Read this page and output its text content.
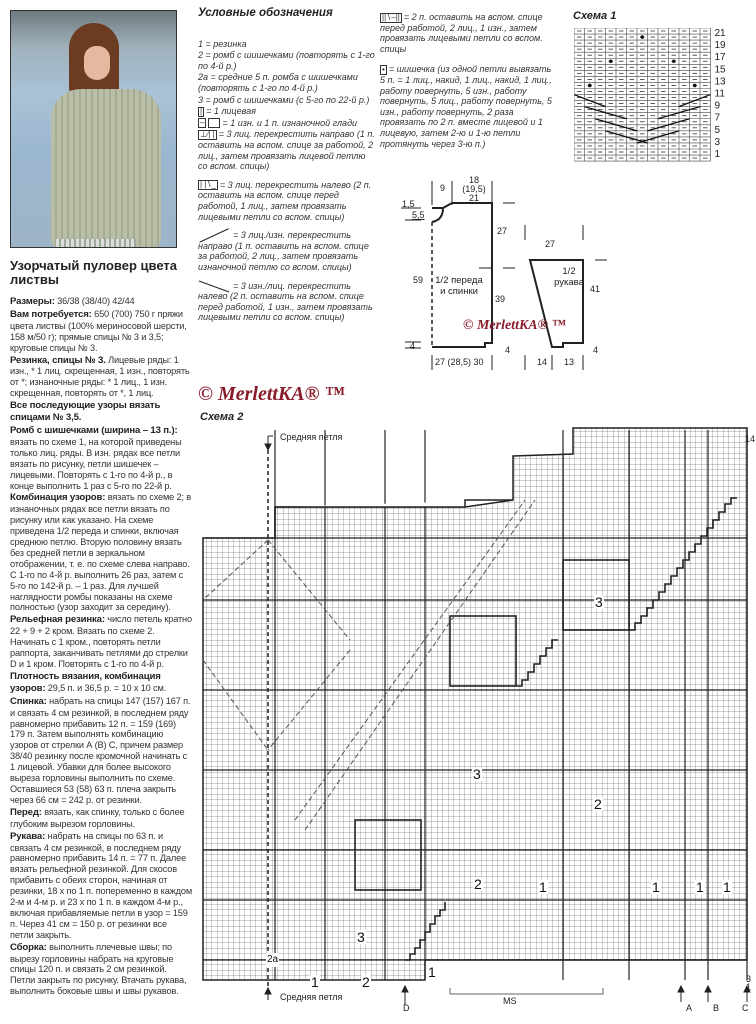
Узорчатый пуловер цвета листвы

Размеры: 36/38 (38/40) 42/44

Вам потребуется: 650 (700) 750 г пряжи цвета листвы (100% мериносовой шерсти, 158 м/50 г); прямые спицы № 3 и 3,5; круговые спицы № 3.

Резинка, спицы № 3. Лицевые ряды: 1 изн., * 1 лиц. скрещенная, 1 изн., повторять от *; изнаночные ряды: * 1 лиц., 1 изн. скрещенная, повторять от *, 1 лиц.

Все последующие узоры вязать спицами № 3,5.

Ромб с шишечками (ширина – 13 п.): вязать по схеме 1, на которой приведены только лиц. ряды. В изн. рядах все петли вязать по рисунку, петли шишечек – лицевыми. Повторять с 1-го по 4-й р., в конце выполнить 1 раз с 5-го по 22-й р.

Комбинация узоров: вязать по схеме 2; в изнаночных рядах все петли вязать по рисунку или как указано. На схеме приведена 1/2 переда и спинки, включая среднюю петлю. Вторую половину вязать без средней петли в зеркальном отображении, т. е. по схеме слева направо. С 1-го по 4-й р. выполнить 26 раз, затем с 5-го по 142-й р. – 1 раз. Для лучшей наглядности ромбы показаны на схеме полностью (узор заходит за середину).

Рельефная резинка: число петель кратно 22 + 9 + 2 кром. Вязать по схеме 2. Начинать с 1 кром., повторять петли раппорта, заканчивать петлями до стрелки D и 1 кром. Повторять с 1-го по 4-й р.

Плотность вязания, комбинация узоров: 29,5 п. и 36,5 р. = 10 х 10 см.

Спинка: набрать на спицы 147 (157) 167 п. и связать 4 см резинкой, в последнем ряду равномерно прибавить 12 п. = 159 (169) 179 п. Затем выполнять комбинацию узоров от стрелки А (В) С, причем размер 38/40 резинку после кромочной начинать с 1 лицевой. Убавки для более высокого выреза горловины выполнить по схеме. Оставшиеся 53 (58) 63 п. плеча закрыть через 66 см = 242 р. от резинки.

Перед: вязать, как спинку, только с более глубоким вырезом горловины.

Рукава: набрать на спицы по 63 п. и связать 4 см резинкой, в последнем ряду равномерно прибавить 14 п. = 77 п. Далее вязать рельефной резинкой. Для скосов прибавить с обеих сторон, начиная от резинки, 18 х по 1 п. попеременно в каждом 2-м и 4-м р. и 23 х по 1 п. в каждом 4-м р., включая прибавляемые петли в узор = 159 п. Через 41 см = 150 р. от резинки все петли закрыть.

Сборка: выполнить плечевые швы; по вырезу горловины набрать на круговые спицы 120 п. и связать 2 см резинкой. Петли закрыть по рисунку. Втачать рукава, выполнить боковые швы и швы рукавов.

Условные обозначения
1 = резинка
2 = ромб с шишечками (повторять с 1-го по 4-й р.)
2а = средние 5 п. ромба с шишечками (повторять с 1-го по 4-й р.)
3 = ромб с шишечками (с 5-го по 22-й р.)
| = 1 лицевая
– = 1 изн. и 1 п. изнаночной глади
⊥∕| | = 3 лиц. перекрестить направо (1 п. оставить на вспом. спице за работой, 2 лиц., затем провязать лицевой петлю со вспом. спицы)
| |∖_ = 3 лиц. перекрестить налево (2 п. оставить на вспом. спице перед работой, 1 лиц., затем провязать лицевыми петли со вспом. спицы)
= 3 лиц./изн. перекрестить направо (1 п. оставить на вспом. спице за работой, 2 лиц., затем провязать изнаночной петлю со вспом. спицы)
= 3 изн./лиц. перекрестить налево (2 п. оставить на вспом. спице перед работой, 1 изн., затем провязать лицевыми петли со вспом. спицы)
||∖–|| = 2 п. оставить на вспом. спице перед работой, 2 лиц., 1 изн., затем провязать лицевыми петли со вспом. спицы
• = шишечка (из одной петли вывязать 5 п. = 1 лиц., накид, 1 лиц., накид, 1 лиц., работу повернуть, 5 изн., работу повернуть, 5 лиц., работу повернуть, 5 изн., работу повернуть, 2 раза провязать по 2 п. вместе лицевой и 1 лицевую, затем 2-ю и 1-ю петли протянуть через 3-ю п.)
Схема 1
21
19
17
15
13
11
9
7
5
3
1
9
18
(19,5)
21
1,5
5,5
59
27
39
4	4
1/2 переда и спинки
27 (28,5) 30
27
1/2 рукава
41
4
14 13
© MerlettKA® ™
© MerlettKA® ™
Схема 2
Средняя петля
Средняя петля
14
3
1
3
3
3
2
2
2
1	1	1 1
1
1
2a
D	A B	C
MS
